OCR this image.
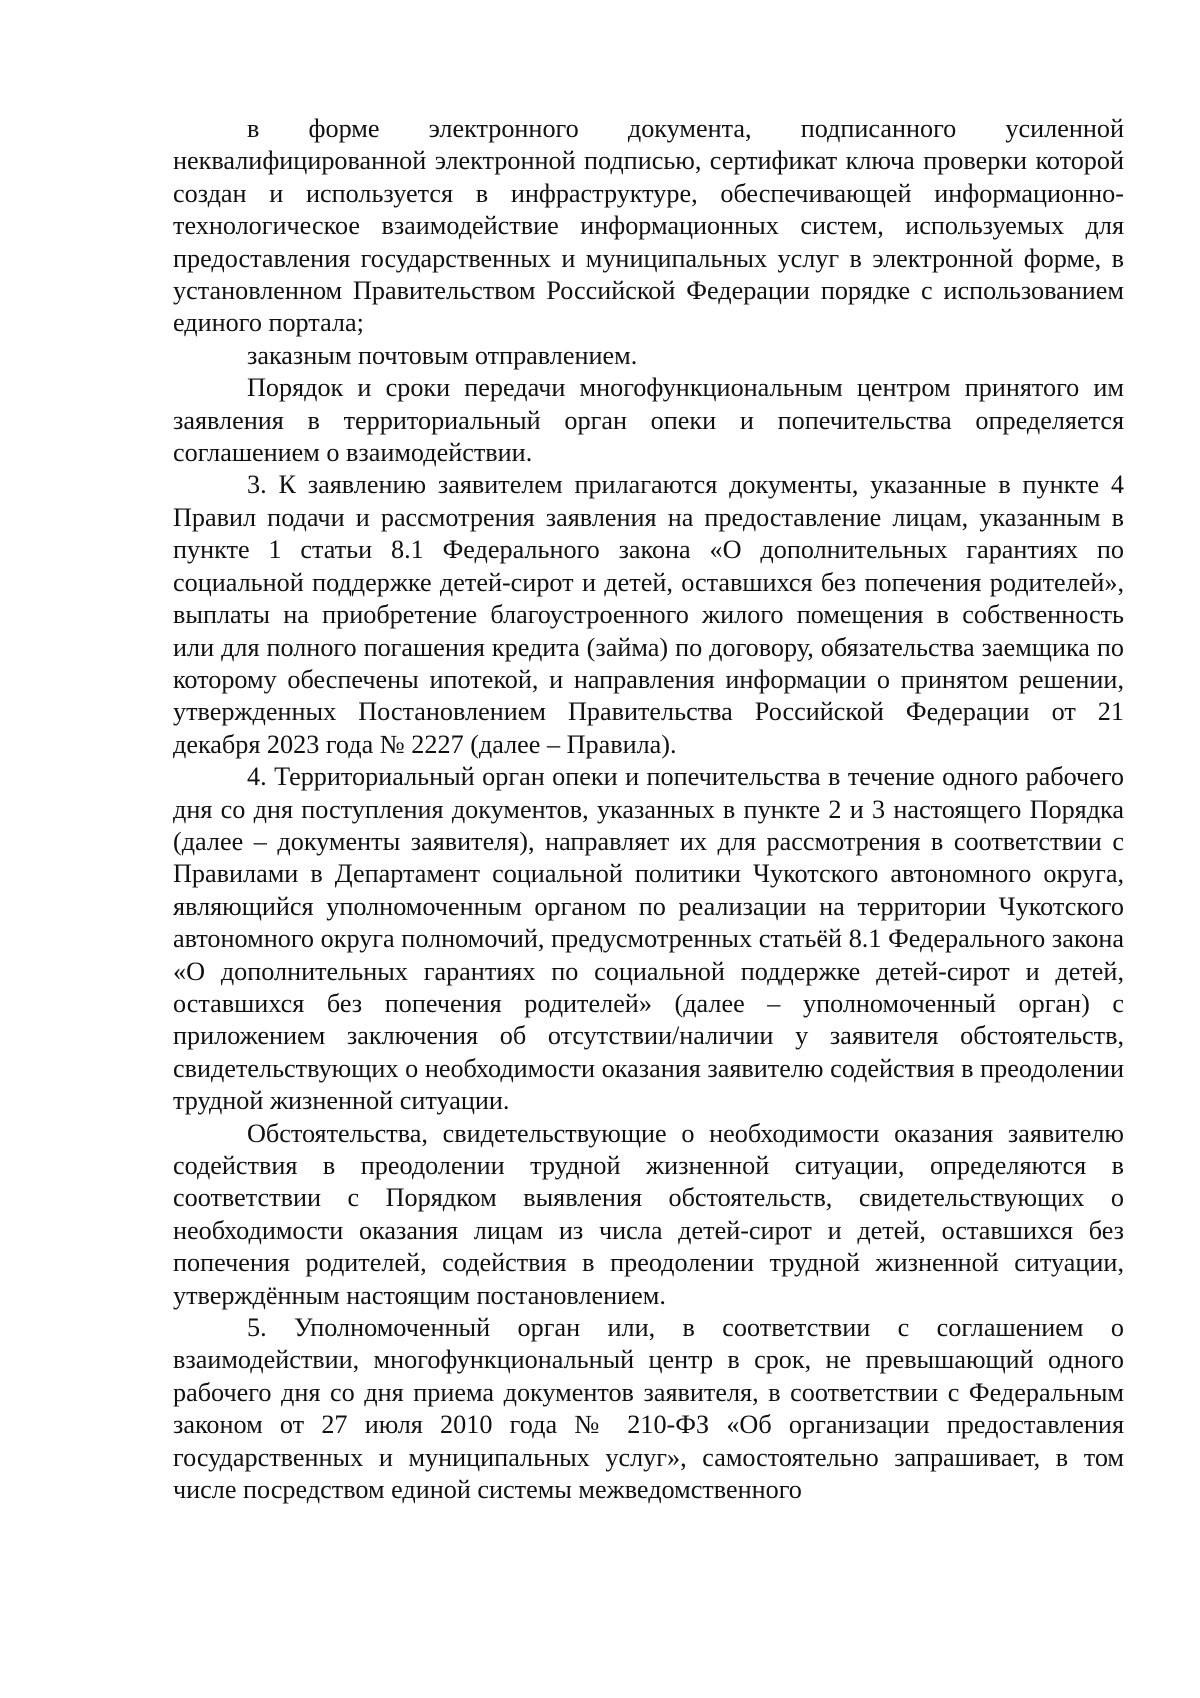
в форме электронного документа, подписанного усиленной неквалифицированной электронной подписью, сертификат ключа проверки которой создан и используется в инфраструктуре, обеспечивающей информационно-технологическое взаимодействие информационных систем, используемых для предоставления государственных и муниципальных услуг в электронной форме, в установленном Правительством Российской Федерации порядке с использованием единого портала;

заказным почтовым отправлением.

Порядок и сроки передачи многофункциональным центром принятого им заявления в территориальный орган опеки и попечительства определяется соглашением о взаимодействии.

3. К заявлению заявителем прилагаются документы, указанные в пункте 4 Правил подачи и рассмотрения заявления на предоставление лицам, указанным в пункте 1 статьи 8.1 Федерального закона «О дополнительных гарантиях по социальной поддержке детей-сирот и детей, оставшихся без попечения родителей», выплаты на приобретение благоустроенного жилого помещения в собственность или для полного погашения кредита (займа) по договору, обязательства заемщика по которому обеспечены ипотекой, и направления информации о принятом решении, утвержденных Постановлением Правительства Российской Федерации от 21 декабря 2023 года № 2227 (далее – Правила).

4. Территориальный орган опеки и попечительства в течение одного рабочего дня со дня поступления документов, указанных в пункте 2 и 3 настоящего Порядка (далее – документы заявителя), направляет их для рассмотрения в соответствии с Правилами в Департамент социальной политики Чукотского автономного округа, являющийся уполномоченным органом по реализации на территории Чукотского автономного округа полномочий, предусмотренных статьёй 8.1 Федерального закона «О дополнительных гарантиях по социальной поддержке детей-сирот и детей, оставшихся без попечения родителей» (далее – уполномоченный орган) с приложением заключения об отсутствии/наличии у заявителя обстоятельств, свидетельствующих о необходимости оказания заявителю содействия в преодолении трудной жизненной ситуации.

Обстоятельства, свидетельствующие о необходимости оказания заявителю содействия в преодолении трудной жизненной ситуации, определяются в соответствии с Порядком выявления обстоятельств, свидетельствующих о необходимости оказания лицам из числа детей-сирот и детей, оставшихся без попечения родителей, содействия в преодолении трудной жизненной ситуации, утверждённым настоящим постановлением.

5. Уполномоченный орган или, в соответствии с соглашением о взаимодействии, многофункциональный центр в срок, не превышающий одного рабочего дня со дня приема документов заявителя, в соответствии с Федеральным законом от 27 июля 2010 года № 210-ФЗ «Об организации предоставления государственных и муниципальных услуг», самостоятельно запрашивает, в том числе посредством единой системы межведомственного
